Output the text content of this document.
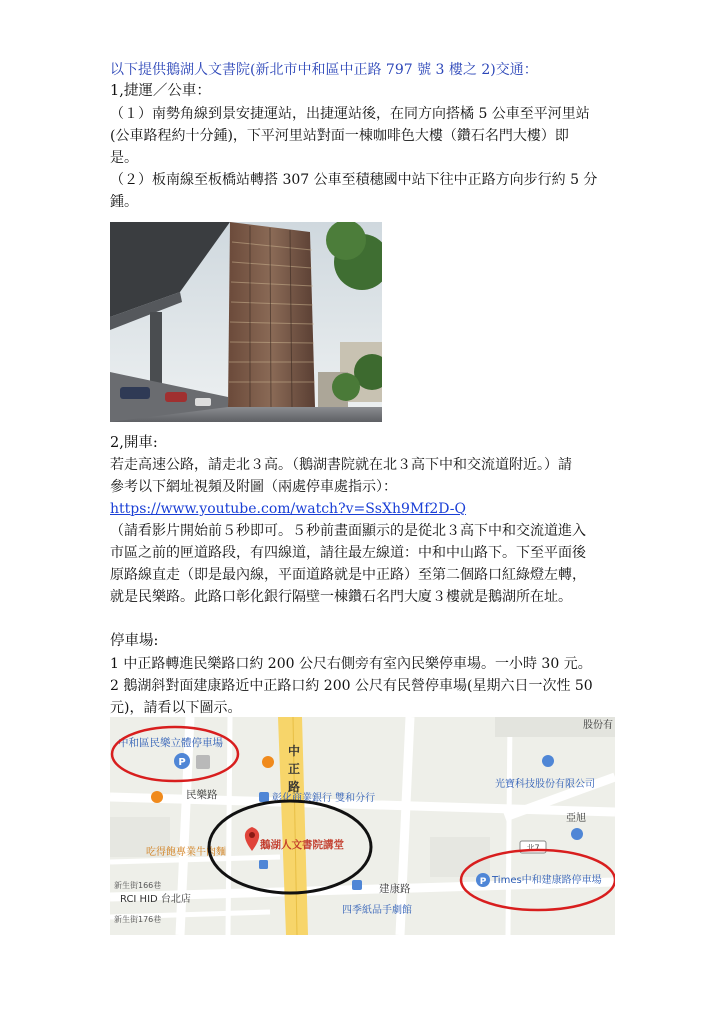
以下提供鵝湖人文書院(新北市中和區中正路 797 號 3 樓之 2)交通：
1,捷運／公車：
（１）南勢角線到景安捷運站，出捷運站後，在同方向搭橘 5 公車至平河里站
(公車路程約十分鍾)，下平河里站對面一棟咖啡色大樓（鑽石名門大樓）即
是。
（２）板南線至板橋站轉搭 307 公車至積穗國中站下往中正路方向步行約 5 分
鍾。
2,開車:
若走高速公路，請走北３高。（鵝湖書院就在北３高下中和交流道附近。）請
參考以下網址視頻及附圖（兩處停車處指示）：
https://www.youtube.com/watch?v=SsXh9Mf2D-Q
（請看影片開始前５秒即可。５秒前畫面顯示的是從北３高下中和交流道進入
市區之前的匣道路段，有四線道，請往最左線道：中和中山路下。下至平面後
原路線直走（即是最內線，平面道路就是中正路）至第二個路口紅綠燈左轉，
就是民樂路。此路口彰化銀行隔壁一棟鑽石名門大廈３樓就是鵝湖所在址。
停車場:
1 中正路轉進民樂路口約 200 公尺右側旁有室內民樂停車場。一小時 30 元。
2 鵝湖斜對面建康路近中正路口約 200 公尺有民營停車場(星期六日一次性 50
元)，請看以下圖示。
北7
中
正
路
中和區民樂立體停車場
P
民樂路	彰化商業銀行 雙和分行
吃得飽專業牛肉麵
鵝湖人文書院講堂
建康路
四季紙品手劇館
新生街166巷
RCI HID 台北店
新生街176巷
股份有
光寶科技股份有限公司
亞旭
P Times中和建康路停車場
